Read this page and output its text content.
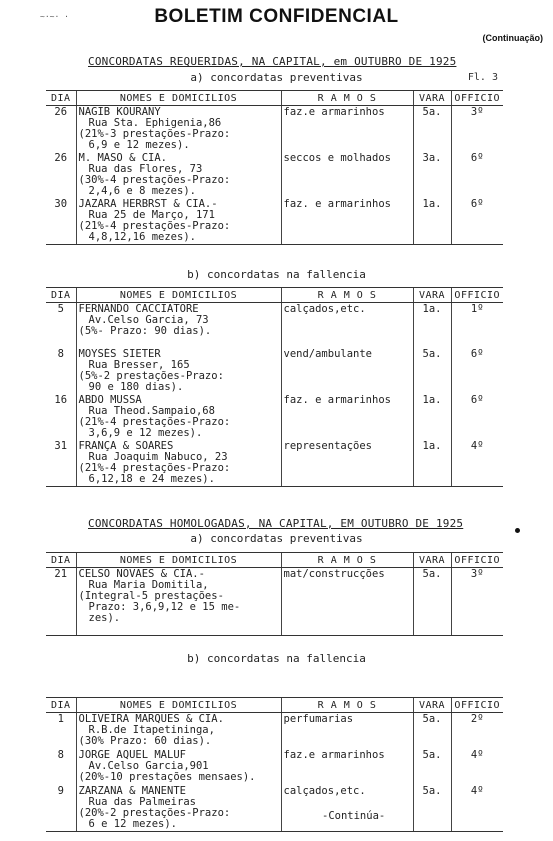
~·~· ·	BOLETIM CONFIDENCIAL
(Continuação)
CONCORDATAS REQUERIDAS, NA CAPITAL, em OUTUBRO DE 1925
a) concordatas preventivas	Fl. 3
DIA	NOMES E DOMICILIOS	R A M O S	VARA	OFFICIO
26	NAGIB KOURANY
Rua Sta. Ephigenia,86
(21%-3 prestações-Prazo:
6,9 e 12 mezes).	faz.e armarinhos	5a.	3º
26	M. MASO & CIA.
Rua das Flores, 73
(30%-4 prestações-Prazo:
2,4,6 e 8 mezes).	seccos e molhados	3a.	6º
30	JAZARA HERBRST & CIA.-
Rua 25 de Março, 171
(21%-4 prestações-Prazo:
4,8,12,16 mezes).	faz. e armarinhos	1a.	6º
b) concordatas na fallencia
DIA	NOMES E DOMICILIOS	R A M O S	VARA	OFFICIO
5	FERNANDO CACCIATORE
Av.Celso Garcia, 73
(5%- Prazo: 90 dias).	calçados,etc.	1a.	1º
8	MOYSÉS SIETER
Rua Bresser, 165
(5%-2 prestações-Prazo:
90 e 180 dias).	vend/ambulante	5a.	6º
16	ABDO MUSSA
Rua Theod.Sampaio,68
(21%-4 prestações-Prazo:
3,6,9 e 12 mezes).	faz. e armarinhos	1a.	6º
31	FRANÇA & SOARES
Rua Joaquim Nabuco, 23
(21%-4 prestações-Prazo:
6,12,18 e 24 mezes).	representações	1a.	4º
CONCORDATAS HOMOLOGADAS, NA CAPITAL, EM OUTUBRO DE 1925
a) concordatas preventivas
DIA	NOMES E DOMICILIOS	R A M O S	VARA	OFFICIO
21	CELSO NOVAES & CIA.-
Rua Maria Domitila,
(Integral-5 prestações-
Prazo: 3,6,9,12 e 15 me-
zes).	mat/construcções	5a.	3º
b) concordatas na fallencia
DIA	NOMES E DOMICILIOS	R A M O S	VARA	OFFICIO
1	OLIVEIRA MARQUES & CIA.
R.B.de Itapetininga,
(30% Prazo: 60 dias).	perfumarias	5a.	2º
8	JORGE AQUEL MALUF
Av.Celso Garcia,901
(20%-10 prestações mensaes).	faz.e armarinhos	5a.	4º
9	ZARZANA & MANENTE
Rua das Palmeiras
(20%-2 prestações-Prazo:
6 e 12 mezes).	calçados,etc.	5a.	4º
-Continúa-
